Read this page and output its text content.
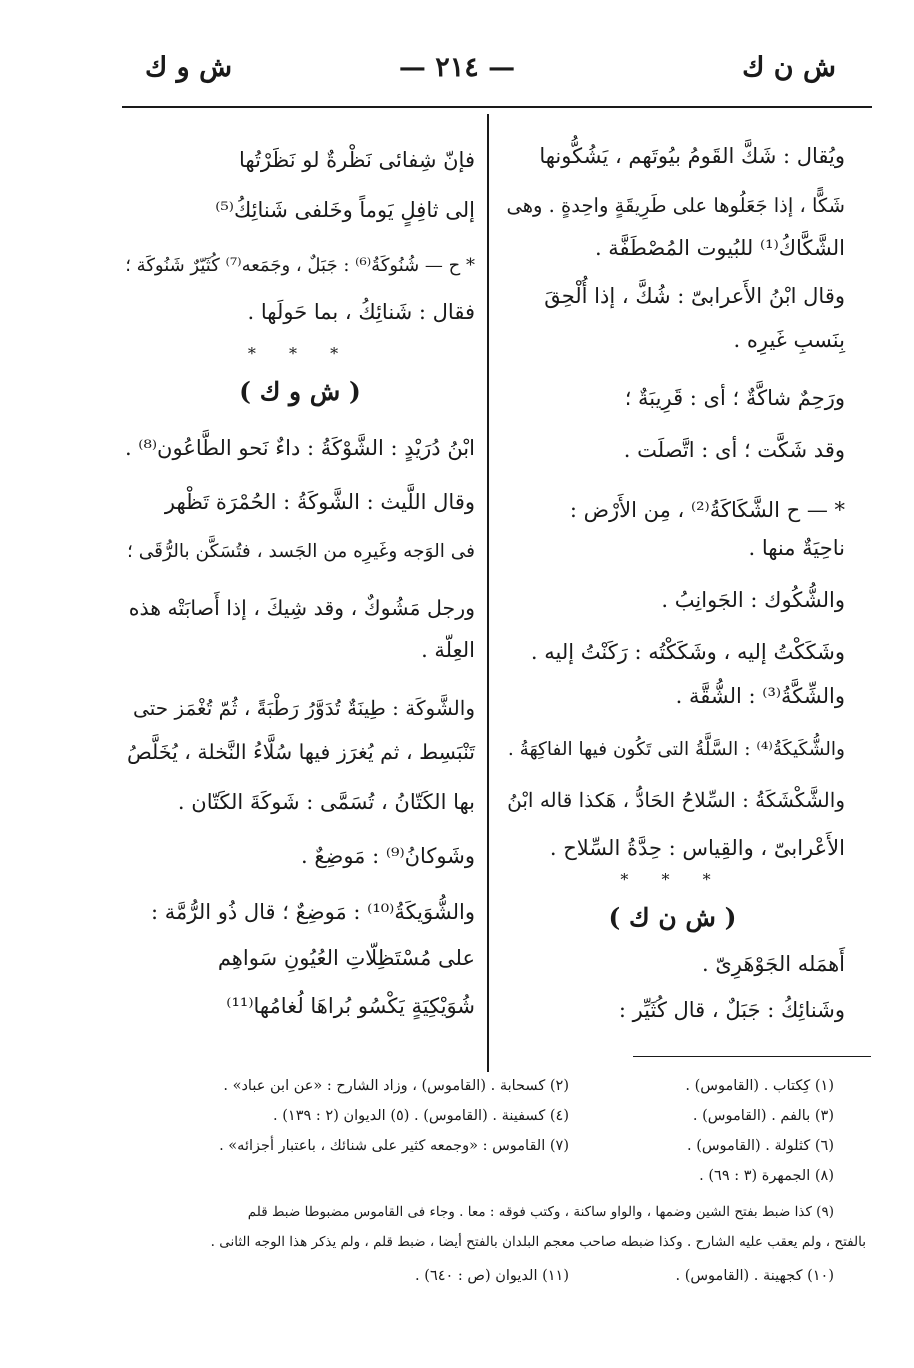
ش ن ك
— ٢١٤ —
ش و ك
ويُقال : شَكَّ القَومُ بيُوتَهم ، يَشُكُّونها
شَكًّا ، إذا جَعَلُوها على طَرِيقَةٍ واحِدةٍ . وهى
الشَّكَّاكُ⁽¹⁾ للبُيوت المُصْطَفَّة .
وقال ابْنُ الأَعرابىّ : شُكَّ ، إذا أُلْحِقَ
بِنَسبِ غَيرِه .
ورَحِمٌ شاكَّةٌ ؛ أى : قَرِيبَةٌ ؛
وقد شَكَّت ؛ أى : اتَّصلَت .
* — ح الشَّكَاكَةُ⁽²⁾ ، مِن الأَرْض :
ناحِيَةٌ منها .
والشُّكُوك : الجَوانِبُ .
وشَكَكْتُ إليه ، وشَكَكْتُه : رَكَنْتُ إليه .
والشِّكَّةُ⁽³⁾ : الشُّقَّة .
والشُّكَيكَةُ⁽⁴⁾ : السَّلَّةُ التى تَكُون فيها الفاكِهَةُ .
والشَّكْشَكَةُ : السِّلاحُ الحَادُّ ، هَكذا قاله ابْنُ
الأَعْرابىّ ، والقِياس : حِدَّةُ السِّلاح .
* * *
( ش ن ك )
أَهمَله الجَوْهَرِىّ .
وشَنائِكُ : جَبَلٌ ، قال كُثَيِّر :
فإنّ شِفائى نَظْرةٌ لو نَظَرْتُها
إلى ثافِلٍ يَوماً وخَلفى شَنائِكُ⁽⁵⁾
* ح — شُنُوكَةُ⁽⁶⁾ : جَبَلٌ ، وجَمَعه⁽⁷⁾ كُثَيّرٌ شَنُوكَة ؛
فقال : شَنائِكُ ، بما حَولَها .
* * *
( ش و ك )
ابْنُ دُرَيْدٍ : الشَّوْكَةُ : داءٌ نَحو الطَّاعُون⁽⁸⁾ .
وقال اللَّيث : الشَّوكَةُ : الحُمْرَة تَظْهر
فى الوَجه وغَيرِه من الجَسد ، فتُسَكَّن بالرُّقَى ؛
ورجل مَشُوكٌ ، وقد شِيكَ ، إذا أَصابَتْه هذه
العِلّة .
والشَّوكَة : طِينَةٌ تُدَوَّرُ رَطْبَةً ، ثُمّ تُغْمَز حتى
تَنْبَسِط ، ثم يُغرَز فيها سُلَّاءُ النَّخلة ، يُخَلَّصُ
بها الكَتّانُ ، تُسَمَّى : شَوكَةَ الكَتّان .
وشَوكانُ⁽⁹⁾ : مَوضِعٌ .
والشُّوَيكَةُ⁽¹⁰⁾ : مَوضِعٌ ؛ قال ذُو الرُّمَّة :
على مُسْتَظِلّاتِ العُيُونِ سَواهِم
شُوَيْكِيَةٍ يَكْسُو بُراهَا لُغامُها⁽¹¹⁾
(١) كِكتاب . (القاموس) .
(٢) كسحابة . (القاموس) ، وزاد الشارح : «عن ابن عباد» .
(٣) بالفم . (القاموس) .
(٤) كسفينة . (القاموس) . (٥) الديوان (٢ : ١٣٩) .
(٦) كثلولة . (القاموس) .
(٧) القاموس : «وجمعه كثير على شنائك ، باعتبار أجزائه» .
(٨) الجمهرة (٣ : ٦٩) .
(٩) كذا ضبط بفتح الشين وضمها ، والواو ساكنة ، وكتب فوقه : معا . وجاء فى القاموس مضبوطا ضبط قلم
بالفتح ، ولم يعقب عليه الشارح . وكذا ضبطه صاحب معجم البلدان بالفتح أيضا ، ضبط قلم ، ولم يذكر هذا الوجه الثانى .
(١٠) كجهينة . (القاموس) .
(١١) الديوان (ص : ٦٤٠) .
